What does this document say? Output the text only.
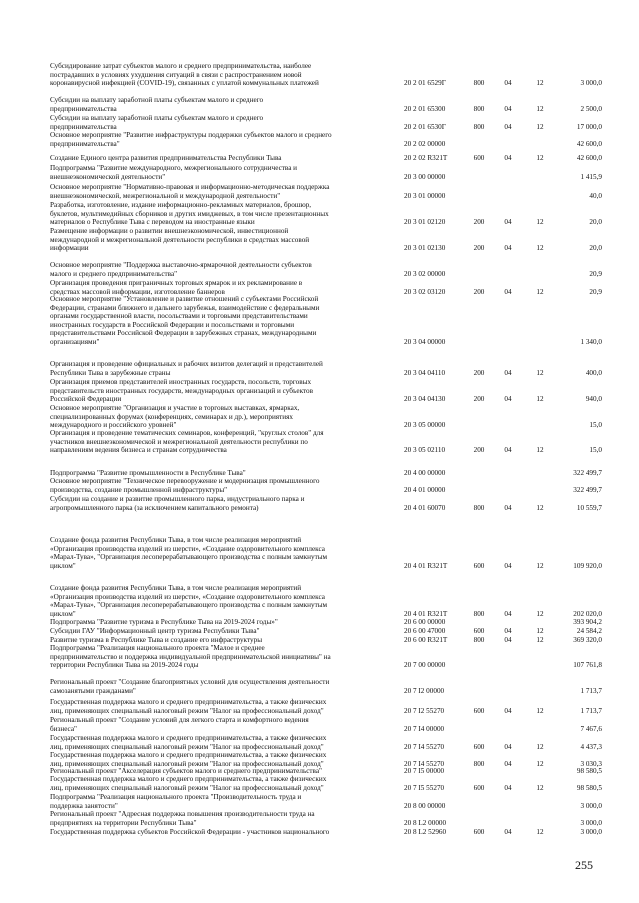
Субсидирование затрат субъектов малого и среднего предпринимательства, наиболее
пострадавших в условиях ухудшения ситуаций в связи с распространением новой
коронавирусной инфекцией (COVID-19), связанных с уплатой коммунальных платежей	20 2 01 6529Г	800	04	12	3 000,0
Субсидии на выплату заработной платы субъектам малого и среднего
предпринимательства	20 2 01 65300	800	04	12	2 500,0
Субсидии на выплату заработной платы субъектам малого и среднего
предпринимательства	20 2 01 6530Г	800	04	12	17 000,0
Основное мероприятие "Развитие инфраструктуры поддержки субъектов малого и среднего
предпринимательства"	20 2 02 00000	42 600,0
Создание Единого центра развития предпринимательства Республики Тыва	20 2 02 R321Т	600	04	12	42 600,0
Подпрограмма "Развитие международного, межрегионального сотрудничества и
внешнеэкономической деятельности"	20 3 00 00000	1 415,9
Основное мероприятие "Нормативно-правовая и информационно-методическая поддержка
внешнеэкономической, межрегиональной и международной деятельности"	20 3 01 00000	40,0
Разработка, изготовление, издание информационно-рекламных материалов, брошюр,
буклетов, мультимедийных сборников и других имиджевых, в том числе презентационных
материалов о Республике Тыва с переводом на иностранные языки	20 3 01 02120	200	04	12	20,0
Размещение информации о развитии внешнеэкономической, инвестиционной
международной и межрегиональной деятельности республики в средствах массовой
информации	20 3 01 02130	200	04	12	20,0
Основное мероприятие "Поддержка выставочно-ярмарочной деятельности субъектов
малого и среднего предпринимательства"	20 3 02 00000	20,9
Организация проведения приграничных торговых ярмарок и их рекламирование в
средствах массовой информации, изготовление баннеров	20 3 02 03120	200	04	12	20,9
Основное мероприятие "Установление и развитие отношений с субъектами Российской
Федерации, странами ближнего и дальнего зарубежья, взаимодействие с федеральными
органами государственной власти, посольствами и торговыми представительствами
иностранных государств в Российской Федерации и посольствами и торговыми
представительствами Российской Федерации в зарубежных странах, международными
организациями"	20 3 04 00000	1 340,0
Организация и проведение официальных и рабочих визитов делегаций и представителей
Республики Тыва в зарубежные страны	20 3 04 04110	200	04	12	400,0
Организация приемов представителей иностранных государств, посольств, торговых
представительств иностранных государств, международных организаций и субъектов
Российской Федерации	20 3 04 04130	200	04	12	940,0
Основное мероприятие "Организация и участие в торговых выставках, ярмарках,
специализированных форумах (конференциях, семинарах и др.), мероприятиях
международного и российского уровней"	20 3 05 00000	15,0
Организация и проведение тематических семинаров, конференций, "круглых столов" для
участников внешнеэкономической и межрегиональной деятельности республики по
направлениям ведения бизнеса и странам сотрудничества	20 3 05 02110	200	04	12	15,0
Подпрограмма "Развитие промышленности в Республике Тыва"	20 4 00 00000	322 499,7
Основное мероприятие "Техническое перевооружение и модернизация промышленного
производства, создание промышленной инфраструктуры"	20 4 01 00000	322 499,7
Субсидии на создание и развитие промышленного парка, индустриального парка и
агропромышленного парка (за исключением капитального ремонта)	20 4 01 60070	800	04	12	10 559,7
Создание фонда развития Республики Тыва, в том числе реализация мероприятий
«Организация производства изделий из шерсти», «Создание оздоровительного комплекса
«Марал-Тува», "Организация лесоперерабатывающего производства с полным замкнутым
циклом"	20 4 01 R321Т	600	04	12	109 920,0
Создание фонда развития Республики Тыва, в том числе реализация мероприятий
«Организация производства изделий из шерсти», «Создание оздоровительного комплекса
«Марал-Тува», "Организация лесоперерабатывающего производства с полным замкнутым
циклом"	20 4 01 R321Т	800	04	12	202 020,0
Подпрограмма "Развитие туризма в Республике Тыва на 2019-2024 годы»"	20 6 00 00000	393 904,2
Субсидии ГАУ "Информационный центр туризма Республики Тыва"	20 6 00 47000	600	04	12	24 584,2
Развитие туризма в Республике Тыва и создание его инфраструктуры	20 6 00 R321Т	800	04	12	369 320,0
Подпрограмма "Реализация национального проекта "Малое и среднее
предпринимательство и поддержка индивидуальной предпринимательской инициативы" на
территории Республики Тыва на 2019-2024 годы	20 7 00 00000	107 761,8
Региональный проект "Создание благоприятных условий для осуществления деятельности
самозанятыми гражданами"	20 7 I2 00000	1 713,7
Государственная поддержка малого и среднего предпринимательства, а также физических
лиц, применяющих специальный налоговый режим "Налог на профессиональный доход"	20 7 I2 55270	600	04	12	1 713,7
Региональный проект "Создание условий для легкого старта и комфортного ведения
бизнеса"	20 7 I4 00000	7 467,6
Государственная поддержка малого и среднего предпринимательства, а также физических
лиц, применяющих специальный налоговый режим "Налог на профессиональный доход"	20 7 I4 55270	600	04	12	4 437,3
Государственная поддержка малого и среднего предпринимательства, а также физических
лиц, применяющих специальный налоговый режим "Налог на профессиональный доход"	20 7 I4 55270	800	04	12	3 030,3
Региональный проект "Акселерация субъектов малого и среднего предпринимательства"	20 7 I5 00000	98 580,5
Государственная поддержка малого и среднего предпринимательства, а также физических
лиц, применяющих специальный налоговый режим "Налог на профессиональный доход"	20 7 I5 55270	600	04	12	98 580,5
Подпрограмма "Реализация национального проекта "Производительность труда и
поддержка занятости"	20 8 00 00000	3 000,0
Региональный проект "Адресная поддержка повышения производительности труда на
предприятиях на территории Республики Тыва"	20 8 L2 00000	3 000,0
Государственная поддержка субъектов Российской Федерации - участников национального	20 8 L2 52960	600	04	12	3 000,0
255
